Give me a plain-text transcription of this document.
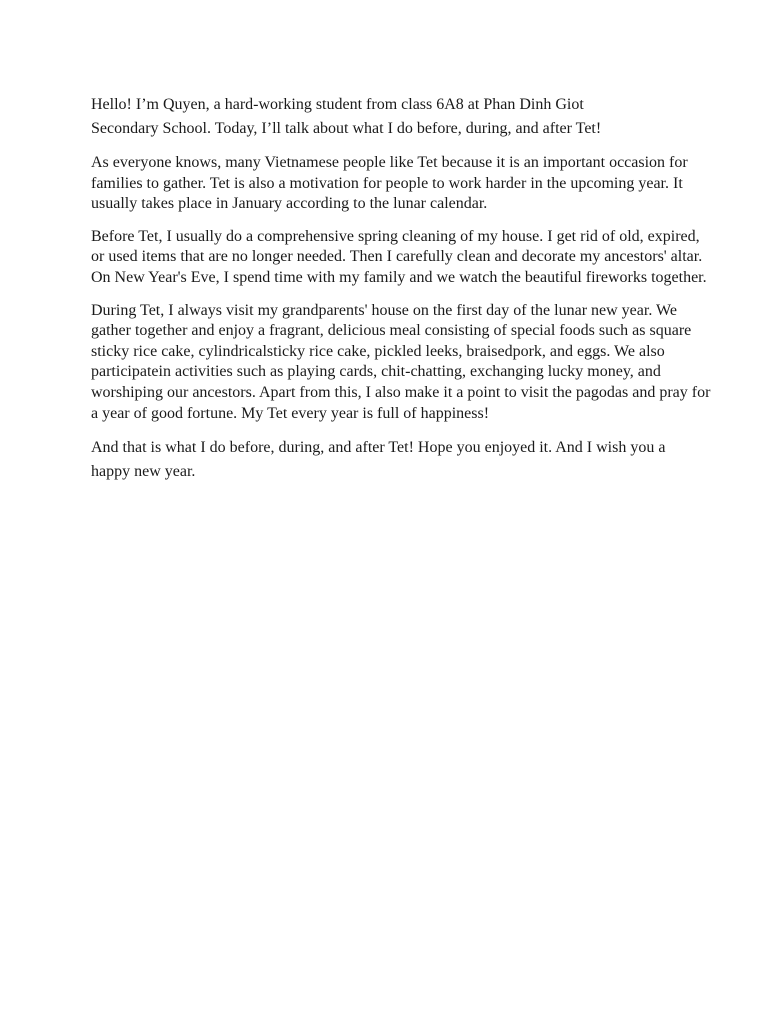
Hello! I’m Quyen, a hard-working student from class 6A8 at Phan Dinh Giot Secondary School. Today, I’ll talk about what I do before, during, and after Tet!

As everyone knows, many Vietnamese people like Tet because it is an important occasion for families to gather. Tet is also a motivation for people to work harder in the upcoming year. It usually takes place in January according to the lunar calendar.

Before Tet, I usually do a comprehensive spring cleaning of my house. I get rid of old, expired, or used items that are no longer needed. Then I carefully clean and decorate my ancestors' altar. On New Year's Eve, I spend time with my family and we watch the beautiful fireworks together.

During Tet, I always visit my grandparents' house on the first day of the lunar new year. We gather together and enjoy a fragrant, delicious meal consisting of special foods such as square sticky rice cake, cylindricalsticky rice cake, pickled leeks, braisedpork, and eggs. We also participatein activities such as playing cards, chit-chatting, exchanging lucky money, and worshiping our ancestors. Apart from this, I also make it a point to visit the pagodas and pray for a year of good fortune. My Tet every year is full of happiness!

And that is what I do before, during, and after Tet! Hope you enjoyed it. And I wish you a happy new year.
